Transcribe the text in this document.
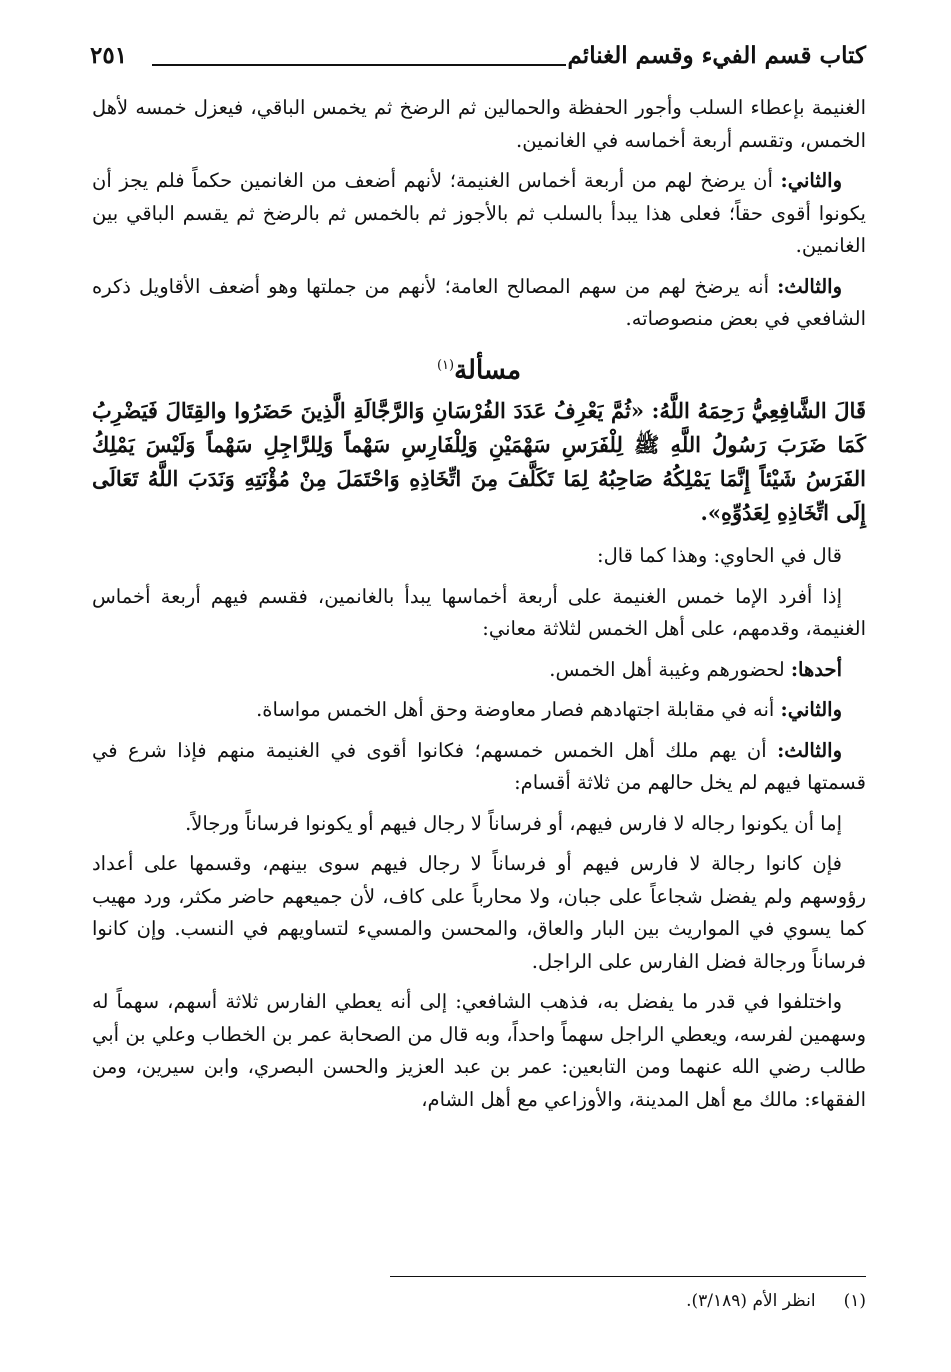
كتاب قسم الفيء وقسم الغنائم
٢٥١

الغنيمة بإعطاء السلب وأجور الحفظة والحمالين ثم الرضخ ثم يخمس الباقي، فيعزل خمسه لأهل الخمس، وتقسم أربعة أخماسه في الغانمين.

والثاني: أن يرضخ لهم من أربعة أخماس الغنيمة؛ لأنهم أضعف من الغانمين حكماً فلم يجز أن يكونوا أقوى حقاً؛ فعلى هذا يبدأ بالسلب ثم بالأجوز ثم بالخمس ثم بالرضخ ثم يقسم الباقي بين الغانمين.

والثالث: أنه يرضخ لهم من سهم المصالح العامة؛ لأنهم من جملتها وهو أضعف الأقاويل ذكره الشافعي في بعض منصوصاته.

مسألة$^{(١)}$

قَالَ الشَّافِعِيُّ رَحِمَهُ اللَّهُ: «ثُمَّ يَعْرِفُ عَدَدَ الفُرْسَانِ وَالرَّجَّالَةِ الَّذِينَ حَضَرُوا والقِتَالَ فَيَضْرِبُ كَمَا ضَرَبَ رَسُولُ اللَّهِ ﷺ لِلْفَرَسِ سَهْمَيْنِ وَلِلْفَارِسِ سَهْماً وَلِلرَّاجِلِ سَهْماً وَلَيْسَ يَمْلِكُ الفَرَسُ شَيْئاً إِنَّمَا يَمْلِكُهُ صَاحِبُهُ لِمَا تَكَلَّفَ مِنَ اتِّخَاذِهِ وَاحْتَمَلَ مِنْ مُؤْنَتِهِ وَنَدَبَ اللَّهُ تَعَالَى إِلَى اتِّخَاذِهِ لِعَدُوِّهِ».

قال في الحاوي: وهذا كما قال:

إذا أفرد الإما خمس الغنيمة على أربعة أخماسها يبدأ بالغانمين، فقسم فيهم أربعة أخماس الغنيمة، وقدمهم، على أهل الخمس لثلاثة معاني:

أحدها: لحضورهم وغيبة أهل الخمس.

والثاني: أنه في مقابلة اجتهادهم فصار معاوضة وحق أهل الخمس مواساة.

والثالث: أن يهم ملك أهل الخمس خمسهم؛ فكانوا أقوى في الغنيمة منهم فإذا شرع في قسمتها فيهم لم يخل حالهم من ثلاثة أقسام:

إما أن يكونوا رجاله لا فارس فيهم، أو فرساناً لا رجال فيهم أو يكونوا فرساناً ورجالاً.

فإن كانوا رجالة لا فارس فيهم أو فرساناً لا رجال فيهم سوى بينهم، وقسمها على أعداد رؤوسهم ولم يفضل شجاعاً على جبان، ولا محارباً على كاف، لأن جميعهم حاضر مكثر، ورد مهيب كما يسوي في المواريث بين البار والعاق، والمحسن والمسيء لتساويهم في النسب. وإن كانوا فرساناً ورجالة فضل الفارس على الراجل.

واختلفوا في قدر ما يفضل به، فذهب الشافعي: إلى أنه يعطي الفارس ثلاثة أسهم، سهماً له وسهمين لفرسه، ويعطي الراجل سهماً واحداً، وبه قال من الصحابة عمر بن الخطاب وعلي بن أبي طالب رضي الله عنهما ومن التابعين: عمر بن عبد العزيز والحسن البصري، وابن سيرين، ومن الفقهاء: مالك مع أهل المدينة، والأوزاعي مع أهل الشام،

(١)انظر الأم (٣/١٨٩).
